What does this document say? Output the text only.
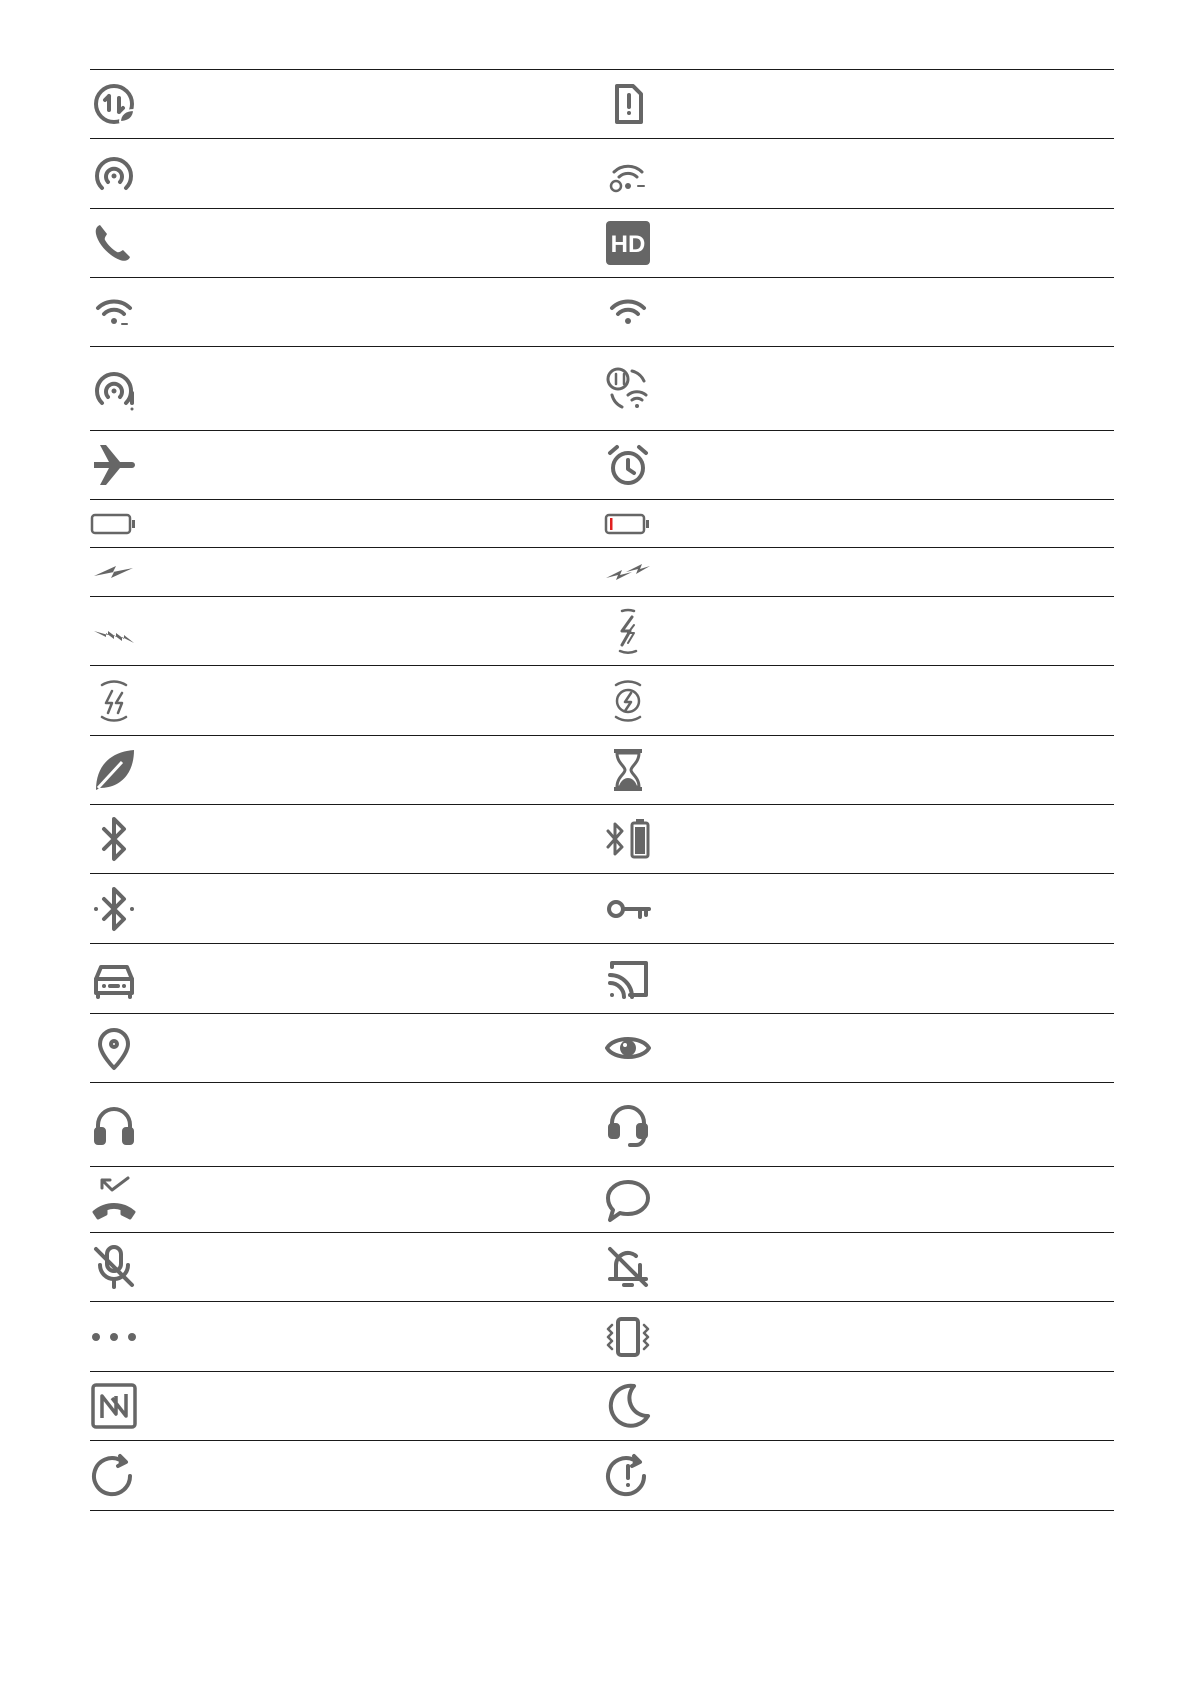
HD
